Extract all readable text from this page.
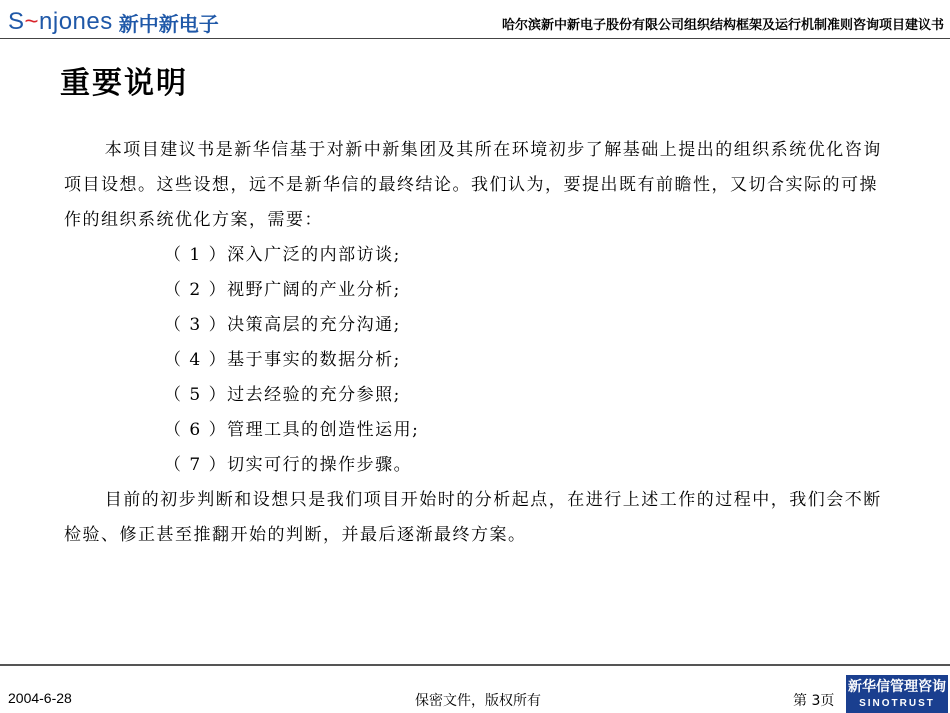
S~njones 新中新电子	哈尔滨新中新电子股份有限公司组织结构框架及运行机制准则咨询项目建议书
重要说明

本项目建议书是新华信基于对新中新集团及其所在环境初步了解基础上提出的组织系统优化咨询项目设想。这些设想，远不是新华信的最终结论。我们认为，要提出既有前瞻性，又切合实际的可操作的组织系统优化方案，需要：

（ 1 ）深入广泛的内部访谈;
（ 2 ）视野广阔的产业分析;
（ 3 ）决策高层的充分沟通;
（ 4 ）基于事实的数据分析;
（ 5 ）过去经验的充分参照;
（ 6 ）管理工具的创造性运用;
（ 7 ）切实可行的操作步骤。

目前的初步判断和设想只是我们项目开始时的分析起点，在进行上述工作的过程中，我们会不断检验、修正甚至推翻开始的判断，并最后逐渐最终方案。

2004-6-28	保密文件，版权所有	第 3页
新华信管理咨询
SINOTRUST
